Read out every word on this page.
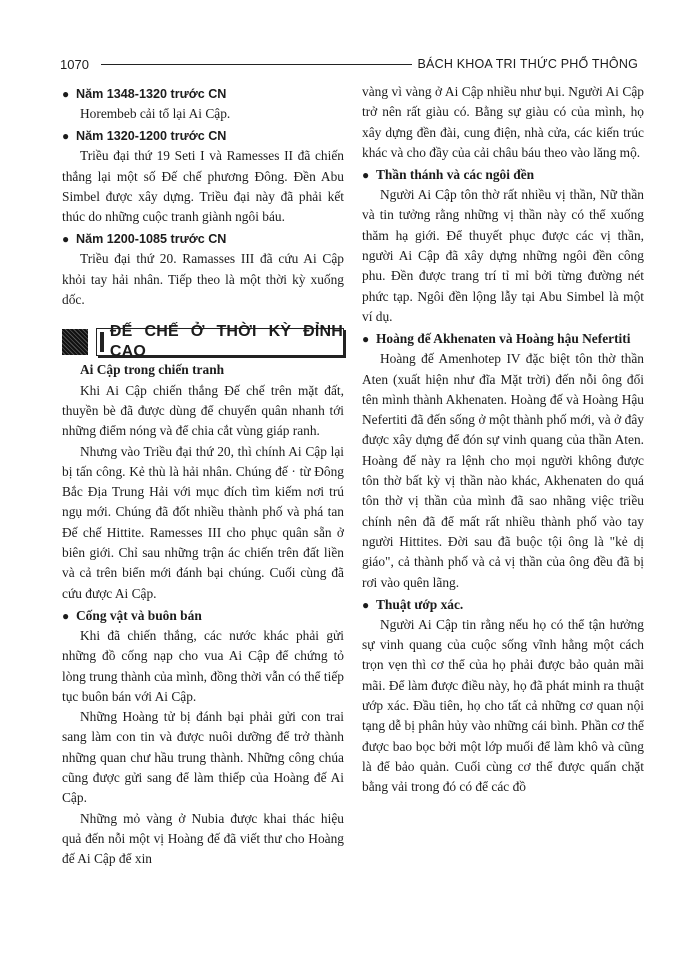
1070	BÁCH KHOA TRI THỨC PHỔ THÔNG
● Năm 1348-1320 trước CN

Horembeb cải tổ lại Ai Cập.

● Năm 1320-1200 trước CN

Triều đại thứ 19 Seti I và Ramesses II đã chiến thắng lại một số Đế chế phương Đông. Đền Abu Simbel được xây dựng. Triều đại này đã phải kết thúc do những cuộc tranh giành ngôi báu.

● Năm 1200-1085 trước CN

Triều đại thứ 20. Ramasses III đã cứu Ai Cập khỏi tay hải nhân. Tiếp theo là một thời kỳ xuống dốc.

ĐẾ CHẾ Ở THỜI KỲ ĐỈNH CAO

Ai Cập trong chiến tranh

Khi Ai Cập chiến thắng Đế chế trên mặt đất, thuyền bè đã được dùng để chuyển quân nhanh tới những điểm nóng và để chia cắt vùng giáp ranh.

Nhưng vào Triều đại thứ 20, thì chính Ai Cập lại bị tấn công. Kẻ thù là hải nhân. Chúng đế · từ Đông Bắc Địa Trung Hải với mục đích tìm kiếm nơi trú ngụ mới. Chúng đã đốt nhiều thành phố và phá tan Đế chế Hittite. Ramesses III cho phục quân sẵn ở biên giới. Chỉ sau những trận ác chiến trên đất liền và cả trên biển mới đánh bại chúng. Cuối cùng đã cứu được Ai Cập.

● Cống vật và buôn bán

Khi đã chiến thắng, các nước khác phải gửi những đồ cống nạp cho vua Ai Cập để chứng tỏ lòng trung thành của mình, đồng thời vẫn có thể tiếp tục buôn bán với Ai Cập.

Những Hoàng tử bị đánh bại phải gửi con trai sang làm con tin và được nuôi dưỡng để trở thành những quan chư hầu trung thành. Những công chúa cũng được gửi sang để làm thiếp của Hoàng đế Ai Cập.

Những mỏ vàng ở Nubia được khai thác hiệu quả đến nỗi một vị Hoàng đế đã viết thư cho Hoàng đế Ai Cập để xin

vàng vì vàng ở Ai Cập nhiều như bụi. Người Ai Cập trở nên rất giàu có. Bằng sự giàu có của mình, họ xây dựng đền đài, cung điện, nhà cửa, các kiến trúc khác và cho đầy của cải châu báu theo vào lăng mộ.

● Thần thánh và các ngôi đền

Người Ai Cập tôn thờ rất nhiều vị thần, Nữ thần và tin tưởng rằng những vị thần này có thể xuống thăm hạ giới. Để thuyết phục được các vị thần, người Ai Cập đã xây dựng những ngôi đền công phu. Đền được trang trí tỉ mỉ bởi từng đường nét phức tạp. Ngôi đền lộng lẫy tại Abu Simbel là một ví dụ.

● Hoàng đế Akhenaten và Hoàng hậu Nefertiti

Hoàng đế Amenhotep IV đặc biệt tôn thờ thần Aten (xuất hiện như đĩa Mặt trời) đến nỗi ông đổi tên mình thành Akhenaten. Hoàng đế và Hoàng Hậu Nefertiti đã đến sống ở một thành phố mới, và ở đây được xây dựng để đón sự vinh quang của thần Aten. Hoàng đế này ra lệnh cho mọi người không được tôn thờ bất kỳ vị thần nào khác, Akhenaten do quá tôn thờ vị thần của mình đã sao nhãng việc triều chính nên đã để mất rất nhiều thành phố vào tay người Hittites. Đời sau đã buộc tội ông là "kẻ dị giáo", cả thành phố và cả vị thần của ông đều đã bị rơi vào quên lãng.

● Thuật ướp xác.

Người Ai Cập tin rằng nếu họ có thể tận hưởng sự vinh quang của cuộc sống vĩnh hằng một cách trọn vẹn thì cơ thể của họ phải được bảo quản mãi mãi. Để làm được điều này, họ đã phát minh ra thuật ướp xác. Đầu tiên, họ cho tất cả những cơ quan nội tạng dễ bị phân hủy vào những cái bình. Phần cơ thể được bao bọc bởi một lớp muối để làm khô và cũng là để bảo quản. Cuối cùng cơ thể được quấn chặt bằng vải trong đó có để các đồ
